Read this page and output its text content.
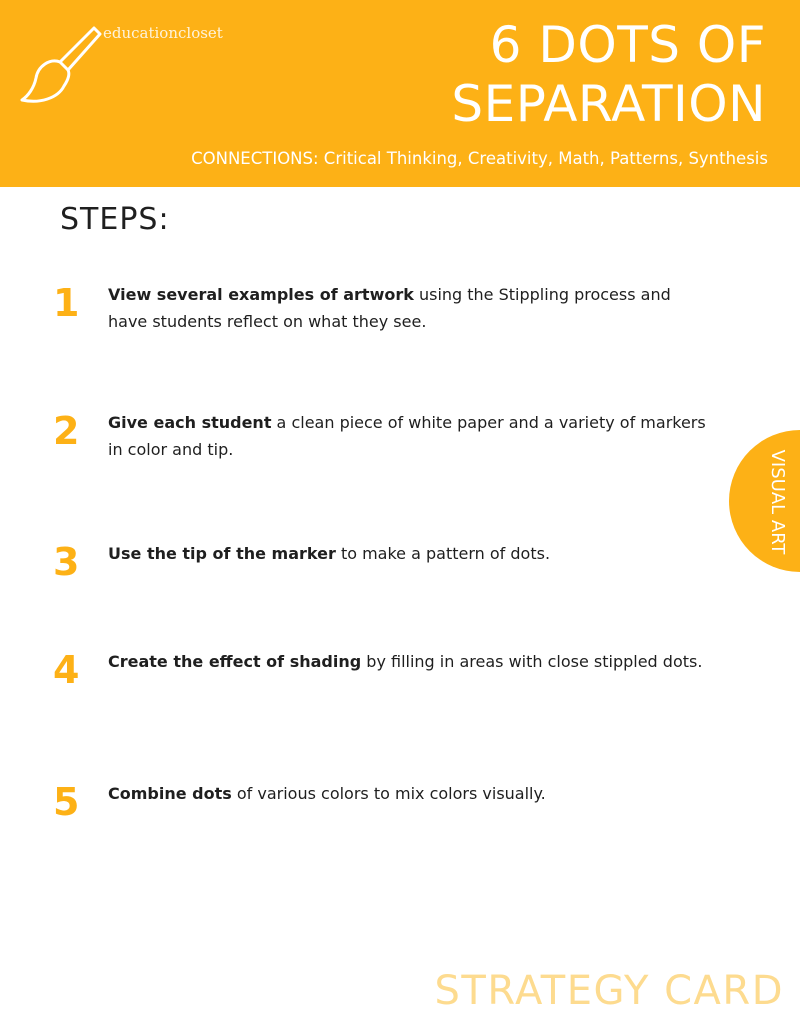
educationcloset	6 DOTS OF
SEPARATION
CONNECTIONS: Critical Thinking, Creativity, Math, Patterns, Synthesis
STEPS:
1 View several examples of artwork using the Stippling process and have students reflect on what they see.
2 Give each student a clean piece of white paper and a variety of markers in color and tip.
3 Use the tip of the marker to make a pattern of dots.
4 Create the effect of shading by filling in areas with close stippled dots.
5 Combine dots of various colors to mix colors visually.
VISUAL ART
STRATEGY CARD
